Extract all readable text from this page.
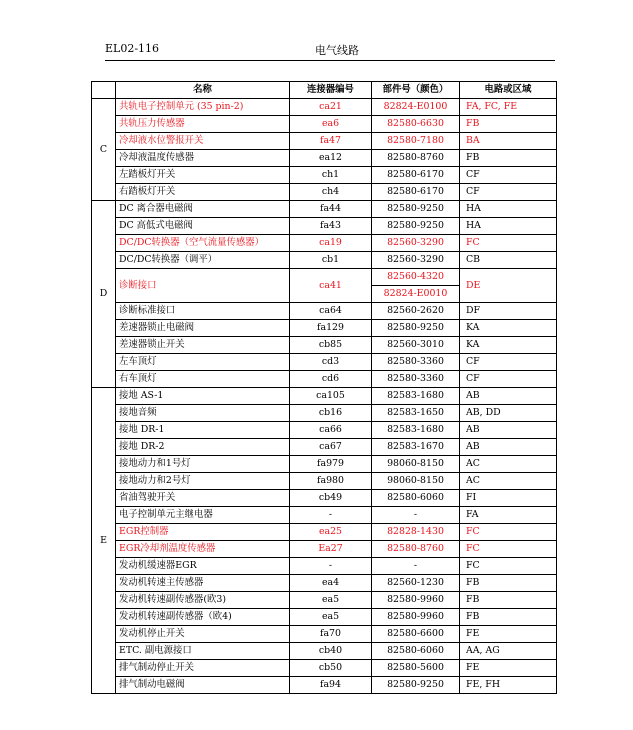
EL02-116	电气线路
	名称	连接器编号	部件号（颜色）	电路或区域
C	共轨电子控制单元 (35 pin-2)	ca21	82824-E0100	FA, FC, FE
	共轨压力传感器	ea6	82580-6630	FB
	冷却液水位警报开关	fa47	82580-7180	BA
	冷却液温度传感器	ea12	82580-8760	FB
	左踏板灯开关	ch1	82580-6170	CF
	右踏板灯开关	ch4	82580-6170	CF
D	DC 离合器电磁阀	fa44	82580-9250	HA
	DC 高低式电磁阀	fa43	82580-9250	HA
	DC/DC转换器（空气流量传感器）	ca19	82560-3290	FC
	DC/DC转换器（调平）	cb1	82560-3290	CB
	诊断接口	ca41	82560-4320	DE
			82824-E0010	
	诊断标准接口	ca64	82560-2620	DF
	差速器锁止电磁阀	fa129	82580-9250	KA
	差速器锁止开关	cb85	82560-3010	KA
	左车顶灯	cd3	82580-3360	CF
	右车顶灯	cd6	82580-3360	CF
E	接地 AS-1	ca105	82583-1680	AB
	接地音频	cb16	82583-1650	AB, DD
	接地 DR-1	ca66	82583-1680	AB
	接地 DR-2	ca67	82583-1670	AB
	接地动力和1号灯	fa979	98060-8150	AC
	接地动力和2号灯	fa980	98060-8150	AC
	省油驾驶开关	cb49	82580-6060	FI
	电子控制单元主继电器	-	-	FA
	EGR控制器	ea25	82828-1430	FC
	EGR冷却剂温度传感器	Ea27	82580-8760	FC
	发动机缓速器EGR	-	-	FC
	发动机转速主传感器	ea4	82560-1230	FB
	发动机转速副传感器(欧3)	ea5	82580-9960	FB
	发动机转速副传感器（欧4)	ea5	82580-9960	FB
	发动机停止开关	fa70	82580-6600	FE
	ETC. 副电源接口	cb40	82580-6060	AA, AG
	排气制动停止开关	cb50	82580-5600	FE
	排气制动电磁阀	fa94	82580-9250	FE, FH
